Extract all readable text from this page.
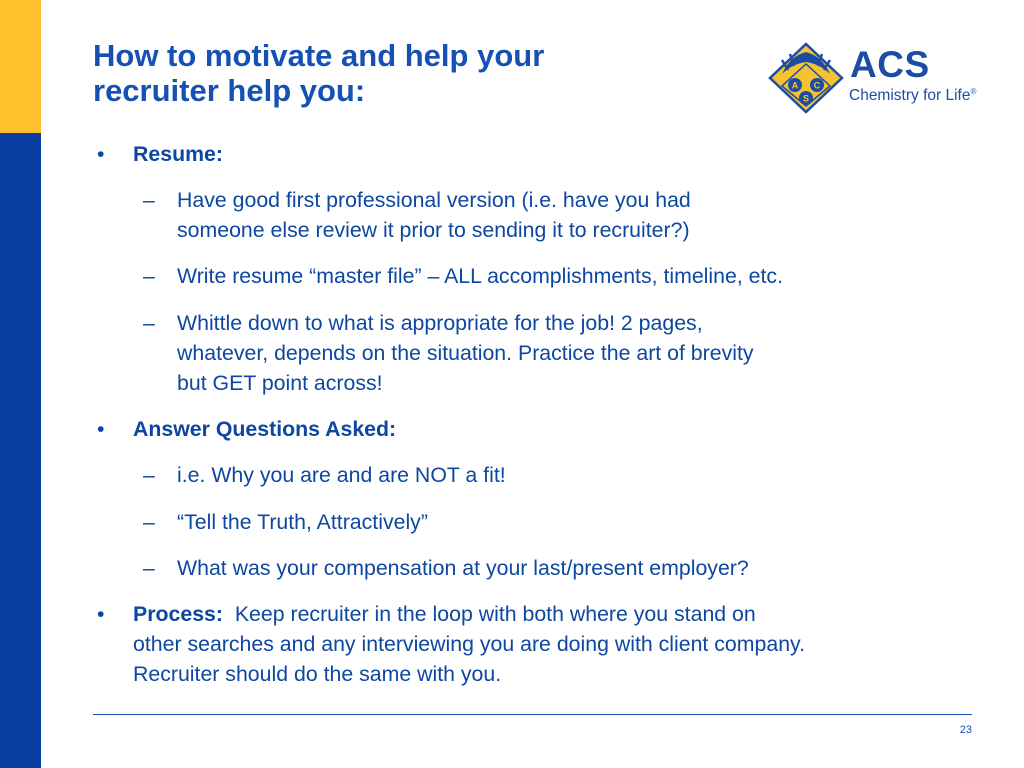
How to motivate and help your
recruiter help you:	A C
S
ACS
Chemistry for Life®
• Resume:
– Have good first professional version (i.e. have you had
someone else review it prior to sending it to recruiter?)
– Write resume “master file” – ALL accomplishments, timeline, etc.
– Whittle down to what is appropriate for the job! 2 pages,
whatever, depends on the situation. Practice the art of brevity
but GET point across!
• Answer Questions Asked:
– i.e. Why you are and are NOT a fit!
– “Tell the Truth, Attractively”
– What was your compensation at your last/present employer?
• Process: Keep recruiter in the loop with both where you stand on
other searches and any interviewing you are doing with client company.
Recruiter should do the same with you.
23
